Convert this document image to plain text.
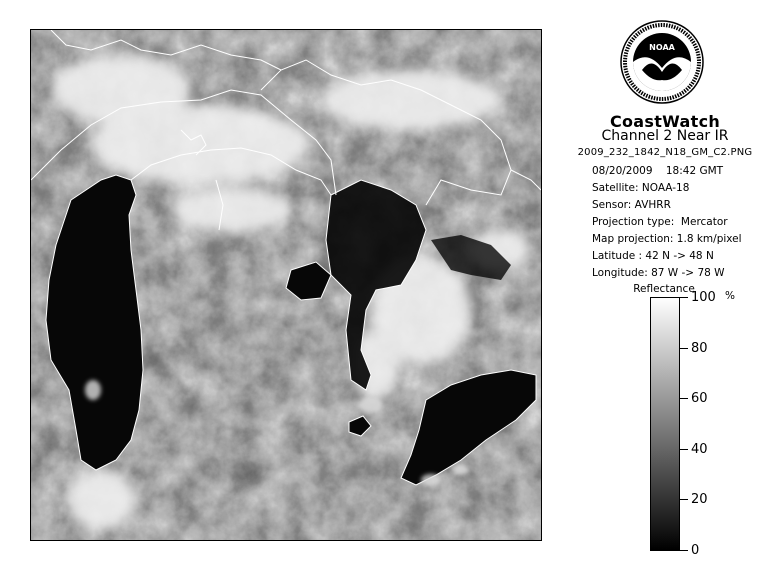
NOAA
CoastWatch
Channel 2 Near IR
2009_232_1842_N18_GM_C2.PNG
08/20/2009    18:42 GMT
Satellite: NOAA-18
Sensor: AVHRR
Projection type:  Mercator
Map projection: 1.8 km/pixel
Latitude : 42 N -> 48 N
Longitude: 87 W -> 78 W
Reflectance
%
100
80
60
40
20
0
